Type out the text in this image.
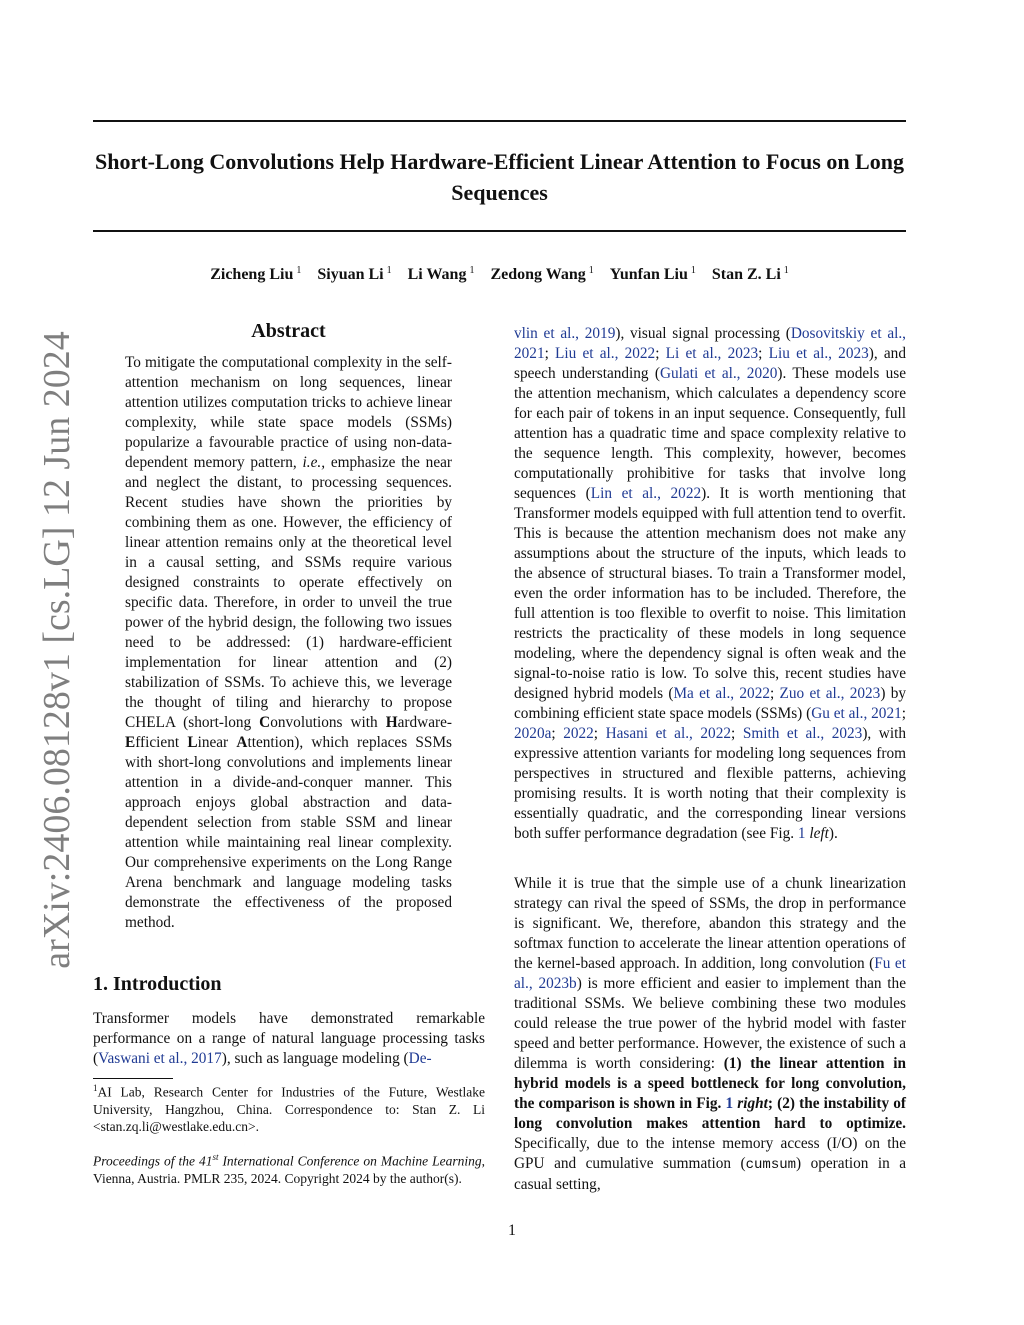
Short-Long Convolutions Help Hardware-Efficient Linear Attention to Focus on Long Sequences
Zicheng Liu $^1$ Siyuan Li $^1$ Li Wang $^1$ Zedong Wang $^1$ Yunfan Liu $^1$ Stan Z. Li $^1$
arXiv:2406.08128v1 [cs.LG] 12 Jun 2024
Abstract
To mitigate the computational complexity in the self-attention mechanism on long sequences, linear attention utilizes computation tricks to achieve linear complexity, while state space models (SSMs) popularize a favourable practice of using non-data-dependent memory pattern, i.e., emphasize the near and neglect the distant, to processing sequences. Recent studies have shown the priorities by combining them as one. However, the efficiency of linear attention remains only at the theoretical level in a causal setting, and SSMs require various designed constraints to operate effectively on specific data. Therefore, in order to unveil the true power of the hybrid design, the following two issues need to be addressed: (1) hardware-efficient implementation for linear attention and (2) stabilization of SSMs. To achieve this, we leverage the thought of tiling and hierarchy to propose CHELA (short-long Convolutions with Hardware-Efficient Linear Attention), which replaces SSMs with short-long convolutions and implements linear attention in a divide-and-conquer manner. This approach enjoys global abstraction and data-dependent selection from stable SSM and linear attention while maintaining real linear complexity. Our comprehensive experiments on the Long Range Arena benchmark and language modeling tasks demonstrate the effectiveness of the proposed method.
1. Introduction
Transformer models have demonstrated remarkable performance on a range of natural language processing tasks (Vaswani et al., 2017), such as language modeling (De-
$^1$AI Lab, Research Center for Industries of the Future, Westlake University, Hangzhou, China. Correspondence to: Stan Z. Li <stan.zq.li@westlake.edu.cn>.
Proceedings of the 41st International Conference on Machine Learning, Vienna, Austria. PMLR 235, 2024. Copyright 2024 by the author(s).
vlin et al., 2019), visual signal processing (Dosovitskiy et al., 2021; Liu et al., 2022; Li et al., 2023; Liu et al., 2023), and speech understanding (Gulati et al., 2020). These models use the attention mechanism, which calculates a dependency score for each pair of tokens in an input sequence. Consequently, full attention has a quadratic time and space complexity relative to the sequence length. This complexity, however, becomes computationally prohibitive for tasks that involve long sequences (Lin et al., 2022). It is worth mentioning that Transformer models equipped with full attention tend to overfit. This is because the attention mechanism does not make any assumptions about the structure of the inputs, which leads to the absence of structural biases. To train a Transformer model, even the order information has to be included. Therefore, the full attention is too flexible to overfit to noise. This limitation restricts the practicality of these models in long sequence modeling, where the dependency signal is often weak and the signal-to-noise ratio is low. To solve this, recent studies have designed hybrid models (Ma et al., 2022; Zuo et al., 2023) by combining efficient state space models (SSMs) (Gu et al., 2021; 2020a; 2022; Hasani et al., 2022; Smith et al., 2023), with expressive attention variants for modeling long sequences from perspectives in structured and flexible patterns, achieving promising results. It is worth noting that their complexity is essentially quadratic, and the corresponding linear versions both suffer performance degradation (see Fig. 1 left).
While it is true that the simple use of a chunk linearization strategy can rival the speed of SSMs, the drop in performance is significant. We, therefore, abandon this strategy and the softmax function to accelerate the linear attention operations of the kernel-based approach. In addition, long convolution (Fu et al., 2023b) is more efficient and easier to implement than the traditional SSMs. We believe combining these two modules could release the true power of the hybrid model with faster speed and better performance. However, the existence of such a dilemma is worth considering: (1) the linear attention in hybrid models is a speed bottleneck for long convolution, the comparison is shown in Fig. 1 right; (2) the instability of long convolution makes attention hard to optimize. Specifically, due to the intense memory access (I/O) on the GPU and cumulative summation (cumsum) operation in a casual setting,
1
